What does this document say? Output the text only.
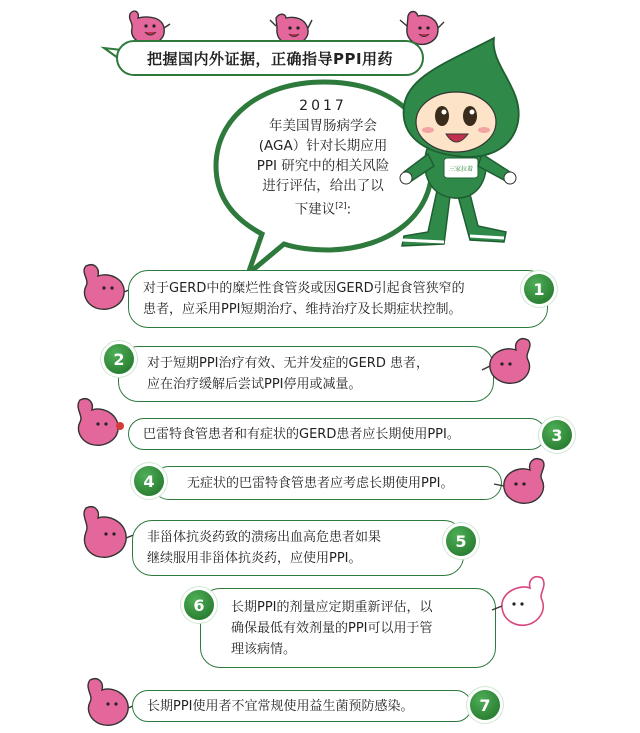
把握国内外证据，正确指导PPI用药
2017
年美国胃肠病学会
(AGA）针对长期应用
PPI 研究中的相关风险
进行评估，给出了以
下建议[2]:
三家拉着
对于GERD中的糜烂性食管炎或因GERD引起食管狭窄的
患者，应采用PPI短期治疗、维持治疗及长期症状控制。
1
对于短期PPI治疗有效、无并发症的GERD 患者，
应在治疗缓解后尝试PPI停用或减量。
2
巴雷特食管患者和有症状的GERD患者应长期使用PPI。	3
无症状的巴雷特食管患者应考虑长期使用PPI。
4
非甾体抗炎药致的溃疡出血高危患者如果
继续服用非甾体抗炎药，应使用PPI。
5
长期PPI的剂量应定期重新评估，以
确保最低有效剂量的PPI可以用于管
理该病情。
6
长期PPI使用者不宜常规使用益生菌预防感染。	7
